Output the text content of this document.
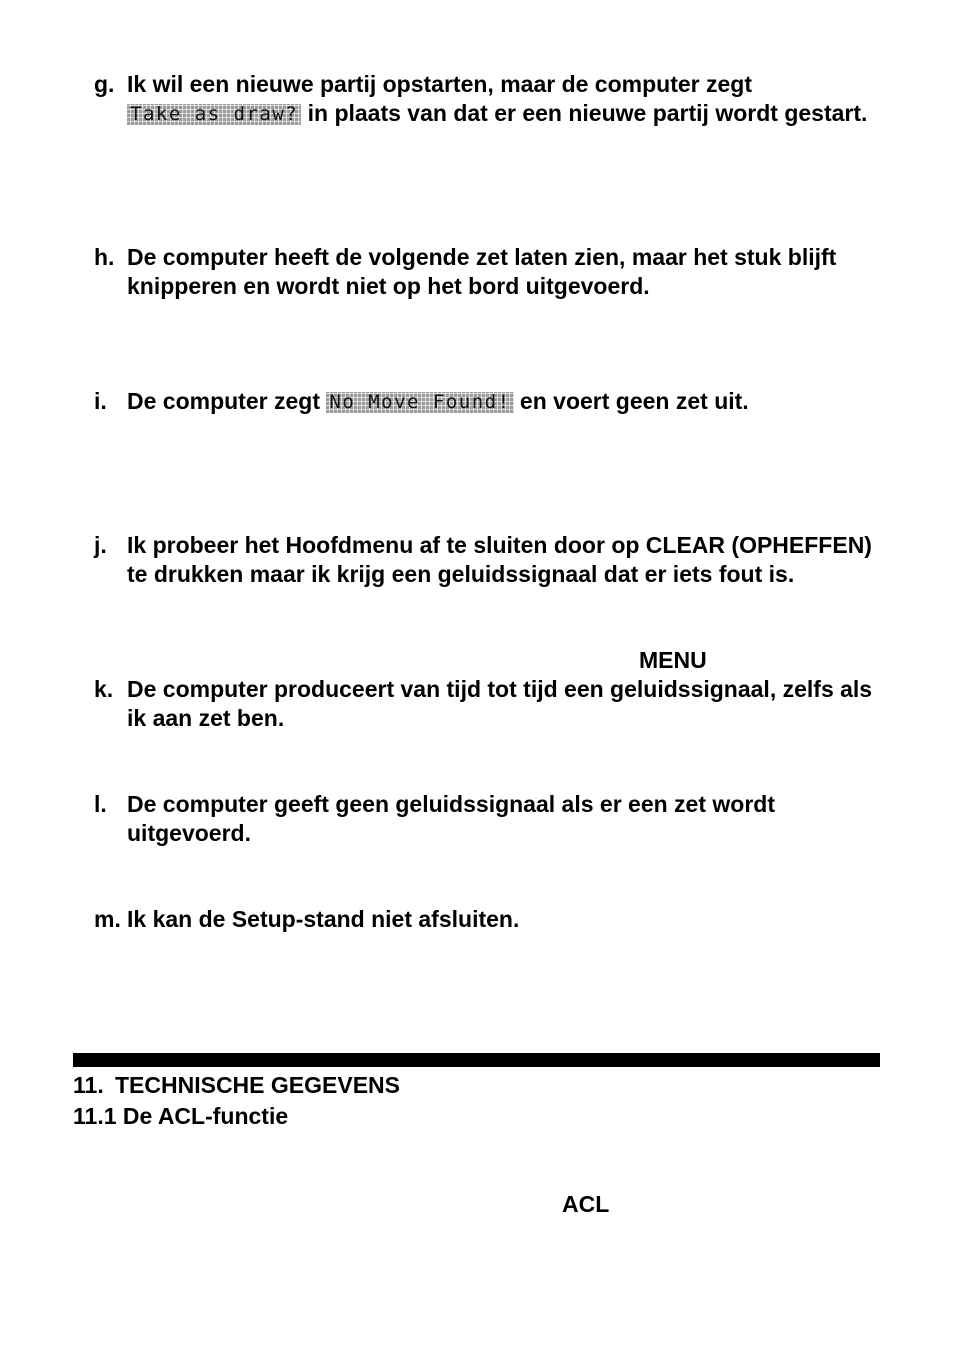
g. Ik wil een nieuwe partij opstarten, maar de computer zegt
Take as draw? in plaats van dat er een nieuwe partij wordt gestart.
h. De computer heeft de volgende zet laten zien, maar het stuk blijft knipperen en wordt niet op het bord uitgevoerd.
i. De computer zegt No Move Found! en voert geen zet uit.
j. Ik probeer het Hoofdmenu af te sluiten door op CLEAR (OPHEFFEN) te drukken maar ik krijg een geluidssignaal dat er iets fout is.
MENU
k. De computer produceert van tijd tot tijd een geluidssignaal, zelfs als ik aan zet ben.
l. De computer geeft geen geluidssignaal als er een zet wordt uitgevoerd.
m. Ik kan de Setup-stand niet afsluiten.
11. TECHNISCHE GEGEVENS
11.1 De ACL-functie
ACL
